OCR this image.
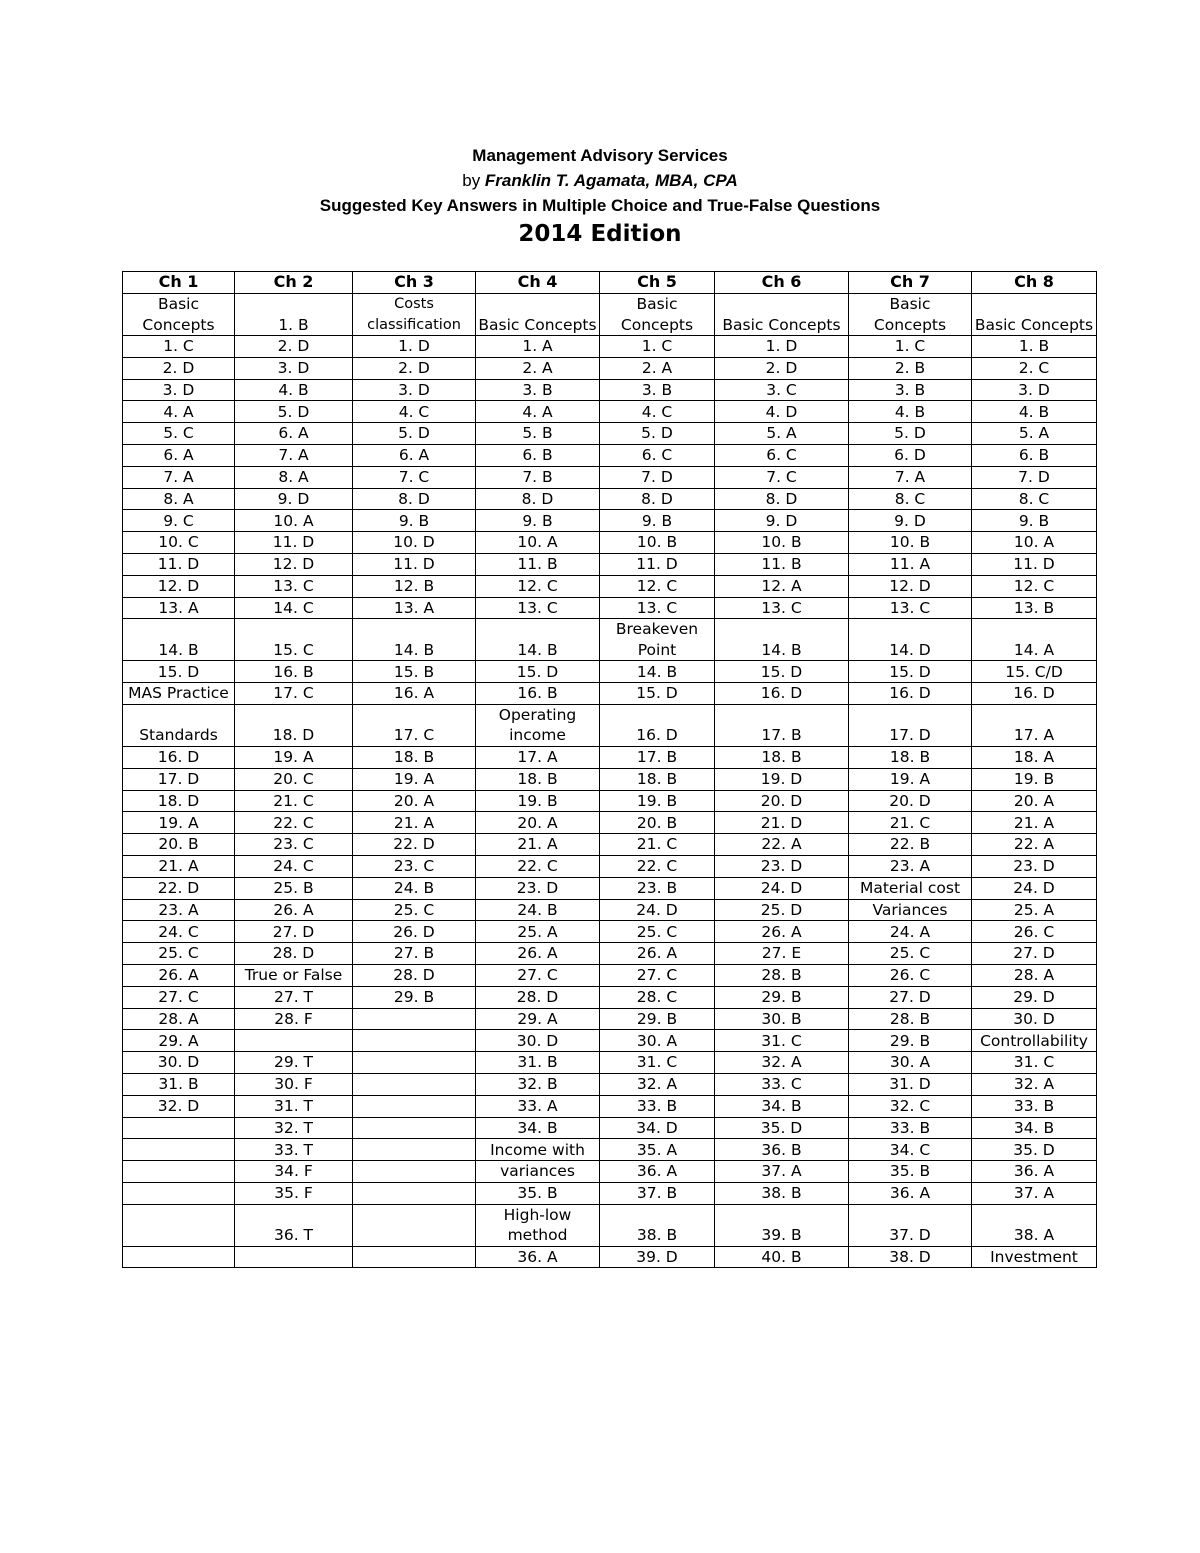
Management Advisory Services
by Franklin T. Agamata, MBA, CPA
Suggested Key Answers in Multiple Choice and True-False Questions
2014 Edition
Ch 1	Ch 2	Ch 3	Ch 4	Ch 5	Ch 6	Ch 7	Ch 8
Basic Concepts	1. B	Costs classification	Basic Concepts	Basic Concepts	Basic Concepts	Basic Concepts	Basic Concepts
1. C	2. D	1. D	1. A	1. C	1. D	1. C	1. B
2. D	3. D	2. D	2. A	2. A	2. D	2. B	2. C
3. D	4. B	3. D	3. B	3. B	3. C	3. B	3. D
4. A	5. D	4. C	4. A	4. C	4. D	4. B	4. B
5. C	6. A	5. D	5. B	5. D	5. A	5. D	5. A
6. A	7. A	6. A	6. B	6. C	6. C	6. D	6. B
7. A	8. A	7. C	7. B	7. D	7. C	7. A	7. D
8. A	9. D	8. D	8. D	8. D	8. D	8. C	8. C
9. C	10. A	9. B	9. B	9. B	9. D	9. D	9. B
10. C	11. D	10. D	10. A	10. B	10. B	10. B	10. A
11. D	12. D	11. D	11. B	11. D	11. B	11. A	11. D
12. D	13. C	12. B	12. C	12. C	12. A	12. D	12. C
13. A	14. C	13. A	13. C	13. C	13. C	13. C	13. B
14. B	15. C	14. B	14. B	Breakeven Point	14. B	14. D	14. A
15. D	16. B	15. B	15. D	14. B	15. D	15. D	15. C/D
MAS Practice	17. C	16. A	16. B	15. D	16. D	16. D	16. D
Standards	18. D	17. C	Operating income	16. D	17. B	17. D	17. A
16. D	19. A	18. B	17. A	17. B	18. B	18. B	18. A
17. D	20. C	19. A	18. B	18. B	19. D	19. A	19. B
18. D	21. C	20. A	19. B	19. B	20. D	20. D	20. A
19. A	22. C	21. A	20. A	20. B	21. D	21. C	21. A
20. B	23. C	22. D	21. A	21. C	22. A	22. B	22. A
21. A	24. C	23. C	22. C	22. C	23. D	23. A	23. D
22. D	25. B	24. B	23. D	23. B	24. D	Material cost	24. D
23. A	26. A	25. C	24. B	24. D	25. D	Variances	25. A
24. C	27. D	26. D	25. A	25. C	26. A	24. A	26. C
25. C	28. D	27. B	26. A	26. A	27. E	25. C	27. D
26. A	True or False	28. D	27. C	27. C	28. B	26. C	28. A
27. C	27. T	29. B	28. D	28. C	29. B	27. D	29. D
28. A	28. F		29. A	29. B	30. B	28. B	30. D
29. A			30. D	30. A	31. C	29. B	Controllability
30. D	29. T		31. B	31. C	32. A	30. A	31. C
31. B	30. F		32. B	32. A	33. C	31. D	32. A
32. D	31. T		33. A	33. B	34. B	32. C	33. B
	32. T		34. B	34. D	35. D	33. B	34. B
	33. T		Income with	35. A	36. B	34. C	35. D
	34. F		variances	36. A	37. A	35. B	36. A
	35. F		35. B	37. B	38. B	36. A	37. A
	36. T		High-low method	38. B	39. B	37. D	38. A
			36. A	39. D	40. B	38. D	Investment
